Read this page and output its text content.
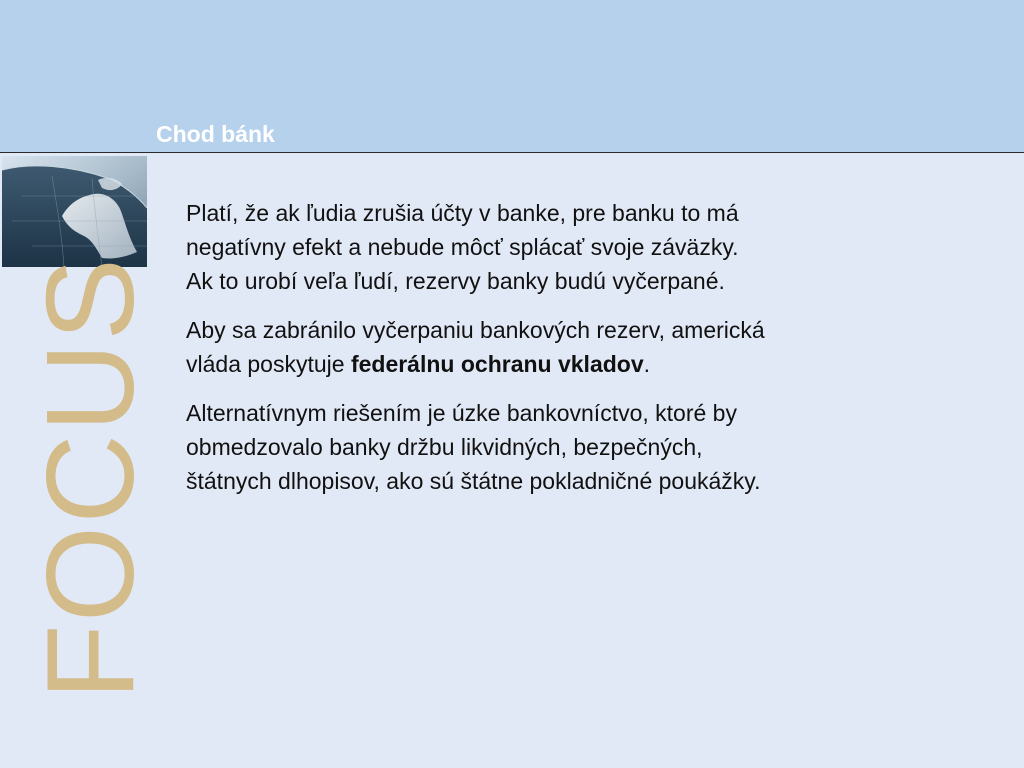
Chod bánk
FOCUS

Platí, že ak ľudia zrušia účty v banke, pre banku to má
negatívny efekt a nebude môcť splácať svoje záväzky.
Ak to urobí veľa ľudí, rezervy banky budú vyčerpané.

Aby sa zabránilo vyčerpaniu bankových rezerv, americká
vláda poskytuje federálnu ochranu vkladov.

Alternatívnym riešením je úzke bankovníctvo, ktoré by
obmedzovalo banky držbu likvidných, bezpečných,
štátnych dlhopisov, ako sú štátne pokladničné poukážky.
